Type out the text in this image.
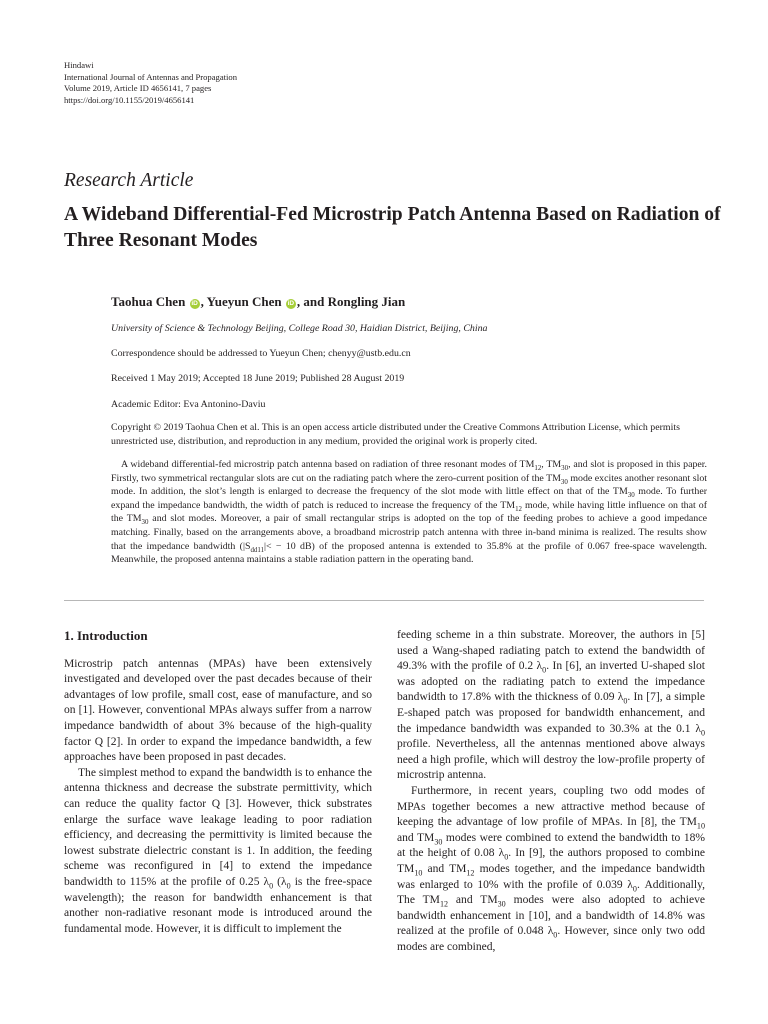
Hindawi
International Journal of Antennas and Propagation
Volume 2019, Article ID 4656141, 7 pages
https://doi.org/10.1155/2019/4656141
Research Article
A Wideband Differential-Fed Microstrip Patch Antenna Based on Radiation of Three Resonant Modes
Taohua Chen iD , Yueyun Chen iD , and Rongling Jian
University of Science & Technology Beijing, College Road 30, Haidian District, Beijing, China
Correspondence should be addressed to Yueyun Chen; chenyy@ustb.edu.cn
Received 1 May 2019; Accepted 18 June 2019; Published 28 August 2019
Academic Editor: Eva Antonino-Daviu
Copyright © 2019 Taohua Chen et al. This is an open access article distributed under the Creative Commons Attribution License, which permits unrestricted use, distribution, and reproduction in any medium, provided the original work is properly cited.
A wideband differential-fed microstrip patch antenna based on radiation of three resonant modes of $TM_{12}$, $TM_{30}$, and slot is proposed in this paper. Firstly, two symmetrical rectangular slots are cut on the radiating patch where the zero-current position of the $TM_{30}$ mode excites another resonant slot mode. In addition, the slot’s length is enlarged to decrease the frequency of the slot mode with little effect on that of the $TM_{30}$ mode. To further expand the impedance bandwidth, the width of patch is reduced to increase the frequency of the $TM_{12}$ mode, while having little influence on that of the $TM_{30}$ and slot modes. Moreover, a pair of small rectangular strips is adopted on the top of the feeding probes to achieve a good impedance matching. Finally, based on the arrangements above, a broadband microstrip patch antenna with three in-band minima is realized. The results show that the impedance bandwidth ($|S_{dd11}|< - 10$ dB) of the proposed antenna is extended to 35.8% at the profile of 0.067 free-space wavelength. Meanwhile, the proposed antenna maintains a stable radiation pattern in the operating band.
1. Introduction

Microstrip patch antennas (MPAs) have been extensively investigated and developed over the past decades because of their advantages of low profile, small cost, ease of manufacture, and so on [1]. However, conventional MPAs always suffer from a narrow impedance bandwidth of about 3% because of the high-quality factor Q [2]. In order to expand the impedance bandwidth, a few approaches have been proposed in past decades.

The simplest method to expand the bandwidth is to enhance the antenna thickness and decrease the substrate permittivity, which can reduce the quality factor Q [3]. However, thick substrates enlarge the surface wave leakage leading to poor radiation efficiency, and decreasing the permittivity is limited because the lowest substrate dielectric constant is 1. In addition, the feeding scheme was reconfigured in [4] to extend the impedance bandwidth to 115% at the profile of 0.25 $\lambda_0$ ($\lambda_0$ is the free-space wavelength); the reason for bandwidth enhancement is that another non-radiative resonant mode is introduced around the fundamental mode. However, it is difficult to implement the

feeding scheme in a thin substrate. Moreover, the authors in [5] used a Wang-shaped radiating patch to extend the bandwidth of 49.3% with the profile of 0.2 $\lambda_0$. In [6], an inverted U-shaped slot was adopted on the radiating patch to extend the impedance bandwidth to 17.8% with the thickness of 0.09 $\lambda_0$. In [7], a simple E-shaped patch was proposed for bandwidth enhancement, and the impedance bandwidth was expanded to 30.3% at the 0.1 $\lambda_0$ profile. Nevertheless, all the antennas mentioned above always need a high profile, which will destroy the low-profile property of microstrip antenna.

Furthermore, in recent years, coupling two odd modes of MPAs together becomes a new attractive method because of keeping the advantage of low profile of MPAs. In [8], the $TM_{10}$ and $TM_{30}$ modes were combined to extend the bandwidth to 18% at the height of 0.08 $\lambda_0$. In [9], the authors proposed to combine $TM_{10}$ and $TM_{12}$ modes together, and the impedance bandwidth was enlarged to 10% with the profile of 0.039 $\lambda_0$. Additionally, The $TM_{12}$ and $TM_{30}$ modes were also adopted to achieve bandwidth enhancement in [10], and a bandwidth of 14.8% was realized at the profile of 0.048 $\lambda_0$. However, since only two odd modes are combined,
